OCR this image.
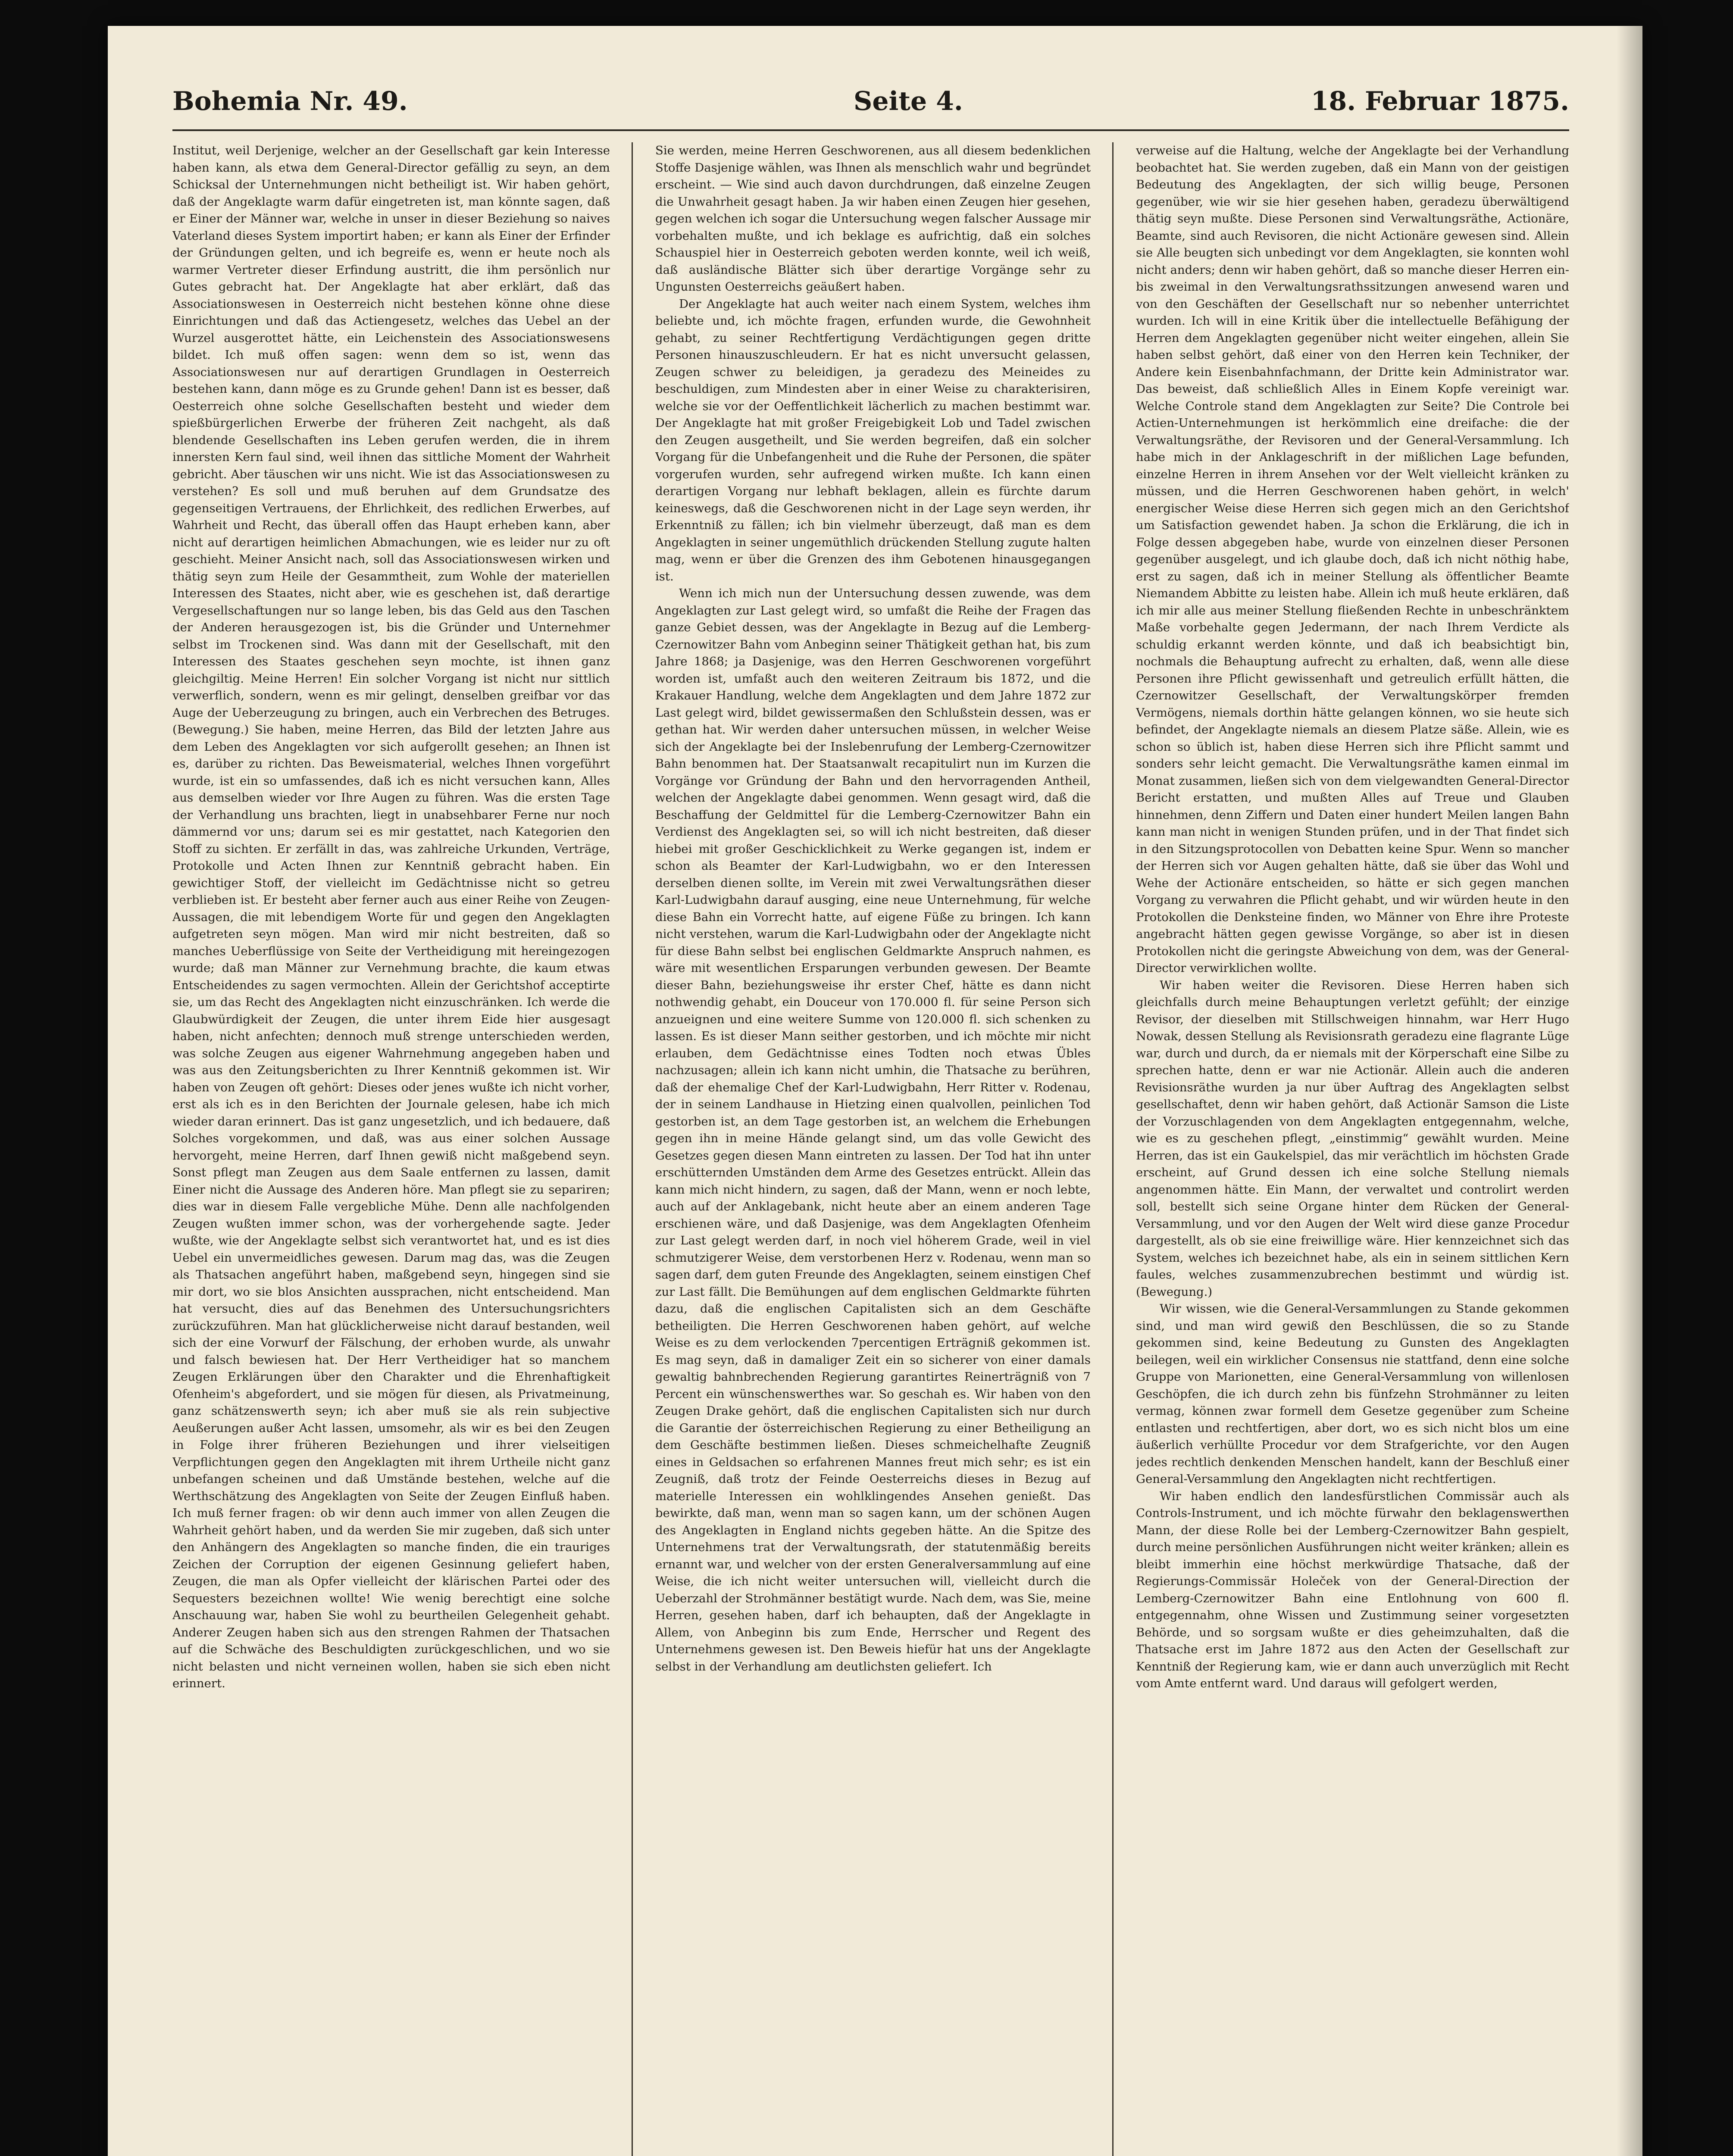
Bohemia Nr. 49.	Seite 4.	18. Februar 1875.

Institut, weil Derjenige, welcher an der Gesellschaft gar kein Interesse haben kann, als etwa dem General-Director gefällig zu seyn, an dem Schicksal der Unternehmungen nicht betheiligt ist. Wir haben gehört, daß der Angeklagte warm dafür eingetreten ist, man könnte sagen, daß er Einer der Männer war, welche in unser in dieser Beziehung so naives Vaterland dieses System importirt haben; er kann als Einer der Erfinder der Gründungen gelten, und ich begreife es, wenn er heute noch als warmer Vertreter dieser Erfindung austritt, die ihm persönlich nur Gutes gebracht hat. Der Angeklagte hat aber erklärt, daß das Associationswesen in Oesterreich nicht bestehen könne ohne diese Einrichtungen und daß das Actiengesetz, welches das Uebel an der Wurzel ausgerottet hätte, ein Leichenstein des Associationswesens bildet. Ich muß offen sagen: wenn dem so ist, wenn das Associationswesen nur auf derartigen Grundlagen in Oesterreich bestehen kann, dann möge es zu Grunde gehen! Dann ist es besser, daß Oesterreich ohne solche Gesellschaften besteht und wieder dem spießbürgerlichen Erwerbe der früheren Zeit nachgeht, als daß blendende Gesellschaften ins Leben gerufen werden, die in ihrem innersten Kern faul sind, weil ihnen das sittliche Moment der Wahrheit gebricht. Aber täuschen wir uns nicht. Wie ist das Associationswesen zu verstehen? Es soll und muß beruhen auf dem Grundsatze des gegenseitigen Vertrauens, der Ehrlichkeit, des redlichen Erwerbes, auf Wahrheit und Recht, das überall offen das Haupt erheben kann, aber nicht auf derartigen heimlichen Abmachungen, wie es leider nur zu oft geschieht. Meiner Ansicht nach, soll das Associationswesen wirken und thätig seyn zum Heile der Gesammtheit, zum Wohle der materiellen Interessen des Staates, nicht aber, wie es geschehen ist, daß derartige Vergesellschaftungen nur so lange leben, bis das Geld aus den Taschen der Anderen herausgezogen ist, bis die Gründer und Unternehmer selbst im Trockenen sind. Was dann mit der Gesellschaft, mit den Interessen des Staates geschehen seyn mochte, ist ihnen ganz gleichgiltig. Meine Herren! Ein solcher Vorgang ist nicht nur sittlich verwerflich, sondern, wenn es mir gelingt, denselben greifbar vor das Auge der Ueberzeugung zu bringen, auch ein Verbrechen des Betruges. (Bewegung.) Sie haben, meine Herren, das Bild der letzten Jahre aus dem Leben des Angeklagten vor sich aufgerollt gesehen; an Ihnen ist es, darüber zu richten. Das Beweismaterial, welches Ihnen vorgeführt wurde, ist ein so umfassendes, daß ich es nicht versuchen kann, Alles aus demselben wieder vor Ihre Augen zu führen. Was die ersten Tage der Verhandlung uns brachten, liegt in unabsehbarer Ferne nur noch dämmernd vor uns; darum sei es mir gestattet, nach Kategorien den Stoff zu sichten. Er zerfällt in das, was zahlreiche Urkunden, Verträge, Protokolle und Acten Ihnen zur Kenntniß gebracht haben. Ein gewichtiger Stoff, der vielleicht im Gedächtnisse nicht so getreu verblieben ist. Er besteht aber ferner auch aus einer Reihe von Zeugen-Aussagen, die mit lebendigem Worte für und gegen den Angeklagten aufgetreten seyn mögen. Man wird mir nicht bestreiten, daß so manches Ueberflüssige von Seite der Vertheidigung mit hereingezogen wurde; daß man Männer zur Vernehmung brachte, die kaum etwas Entscheidendes zu sagen vermochten. Allein der Gerichtshof acceptirte sie, um das Recht des Angeklagten nicht einzuschränken. Ich werde die Glaubwürdigkeit der Zeugen, die unter ihrem Eide hier ausgesagt haben, nicht anfechten; dennoch muß strenge unterschieden werden, was solche Zeugen aus eigener Wahrnehmung angegeben haben und was aus den Zeitungsberichten zu Ihrer Kenntniß gekommen ist. Wir haben von Zeugen oft gehört: Dieses oder jenes wußte ich nicht vorher, erst als ich es in den Berichten der Journale gelesen, habe ich mich wieder daran erinnert. Das ist ganz ungesetzlich, und ich bedauere, daß Solches vorgekommen, und daß, was aus einer solchen Aussage hervorgeht, meine Herren, darf Ihnen gewiß nicht maßgebend seyn. Sonst pflegt man Zeugen aus dem Saale entfernen zu lassen, damit Einer nicht die Aussage des Anderen höre. Man pflegt sie zu separiren; dies war in diesem Falle vergebliche Mühe. Denn alle nachfolgenden Zeugen wußten immer schon, was der vorhergehende sagte. Jeder wußte, wie der Angeklagte selbst sich verantwortet hat, und es ist dies Uebel ein unvermeidliches gewesen. Darum mag das, was die Zeugen als Thatsachen angeführt haben, maßgebend seyn, hingegen sind sie mir dort, wo sie blos Ansichten aussprachen, nicht entscheidend. Man hat versucht, dies auf das Benehmen des Untersuchungsrichters zurückzuführen. Man hat glücklicherweise nicht darauf bestanden, weil sich der eine Vorwurf der Fälschung, der erhoben wurde, als unwahr und falsch bewiesen hat. Der Herr Vertheidiger hat so manchem Zeugen Erklärungen über den Charakter und die Ehrenhaftigkeit Ofenheim's abgefordert, und sie mögen für diesen, als Privatmeinung, ganz schätzenswerth seyn; ich aber muß sie als rein subjective Aeußerungen außer Acht lassen, umsomehr, als wir es bei den Zeugen in Folge ihrer früheren Beziehungen und ihrer vielseitigen Verpflichtungen gegen den Angeklagten mit ihrem Urtheile nicht ganz unbefangen scheinen und daß Umstände bestehen, welche auf die Werthschätzung des Angeklagten von Seite der Zeugen Einfluß haben. Ich muß ferner fragen: ob wir denn auch immer von allen Zeugen die Wahrheit gehört haben, und da werden Sie mir zugeben, daß sich unter den Anhängern des Angeklagten so manche finden, die ein trauriges Zeichen der Corruption der eigenen Gesinnung geliefert haben, Zeugen, die man als Opfer vielleicht der klärischen Partei oder des Sequesters bezeichnen wollte! Wie wenig berechtigt eine solche Anschauung war, haben Sie wohl zu beurtheilen Gelegenheit gehabt. Anderer Zeugen haben sich aus den strengen Rahmen der Thatsachen auf die Schwäche des Beschuldigten zurückgeschlichen, und wo sie nicht belasten und nicht verneinen wollen, haben sie sich eben nicht erinnert.

Sie werden, meine Herren Geschworenen, aus all diesem bedenklichen Stoffe Dasjenige wählen, was Ihnen als menschlich wahr und begründet erscheint. — Wie sind auch davon durchdrungen, daß einzelne Zeugen die Unwahrheit gesagt haben. Ja wir haben einen Zeugen hier gesehen, gegen welchen ich sogar die Untersuchung wegen falscher Aussage mir vorbehalten mußte, und ich beklage es aufrichtig, daß ein solches Schauspiel hier in Oesterreich geboten werden konnte, weil ich weiß, daß ausländische Blätter sich über derartige Vorgänge sehr zu Ungunsten Oesterreichs geäußert haben.

Der Angeklagte hat auch weiter nach einem System, welches ihm beliebte und, ich möchte fragen, erfunden wurde, die Gewohnheit gehabt, zu seiner Rechtfertigung Verdächtigungen gegen dritte Personen hinauszuschleudern. Er hat es nicht unversucht gelassen, Zeugen schwer zu beleidigen, ja geradezu des Meineides zu beschuldigen, zum Mindesten aber in einer Weise zu charakterisiren, welche sie vor der Oeffentlichkeit lächerlich zu machen bestimmt war. Der Angeklagte hat mit großer Freigebigkeit Lob und Tadel zwischen den Zeugen ausgetheilt, und Sie werden begreifen, daß ein solcher Vorgang für die Unbefangenheit und die Ruhe der Personen, die später vorgerufen wurden, sehr aufregend wirken mußte. Ich kann einen derartigen Vorgang nur lebhaft beklagen, allein es fürchte darum keineswegs, daß die Geschworenen nicht in der Lage seyn werden, ihr Erkenntniß zu fällen; ich bin vielmehr überzeugt, daß man es dem Angeklagten in seiner ungemüthlich drückenden Stellung zugute halten mag, wenn er über die Grenzen des ihm Gebotenen hinausgegangen ist.

Wenn ich mich nun der Untersuchung dessen zuwende, was dem Angeklagten zur Last gelegt wird, so umfaßt die Reihe der Fragen das ganze Gebiet dessen, was der Angeklagte in Bezug auf die Lemberg-Czernowitzer Bahn vom Anbeginn seiner Thätigkeit gethan hat, bis zum Jahre 1868; ja Dasjenige, was den Herren Geschworenen vorgeführt worden ist, umfaßt auch den weiteren Zeitraum bis 1872, und die Krakauer Handlung, welche dem Angeklagten und dem Jahre 1872 zur Last gelegt wird, bildet gewissermaßen den Schlußstein dessen, was er gethan hat. Wir werden daher untersuchen müssen, in welcher Weise sich der Angeklagte bei der Inslebenrufung der Lemberg-Czernowitzer Bahn benommen hat. Der Staatsanwalt recapitulirt nun im Kurzen die Vorgänge vor Gründung der Bahn und den hervorragenden Antheil, welchen der Angeklagte dabei genommen. Wenn gesagt wird, daß die Beschaffung der Geldmittel für die Lemberg-Czernowitzer Bahn ein Verdienst des Angeklagten sei, so will ich nicht bestreiten, daß dieser hiebei mit großer Geschicklichkeit zu Werke gegangen ist, indem er schon als Beamter der Karl-Ludwigbahn, wo er den Interessen derselben dienen sollte, im Verein mit zwei Verwaltungsräthen dieser Karl-Ludwigbahn darauf ausging, eine neue Unternehmung, für welche diese Bahn ein Vorrecht hatte, auf eigene Füße zu bringen. Ich kann nicht verstehen, warum die Karl-Ludwigbahn oder der Angeklagte nicht für diese Bahn selbst bei englischen Geldmarkte Anspruch nahmen, es wäre mit wesentlichen Ersparungen verbunden gewesen. Der Beamte dieser Bahn, beziehungsweise ihr erster Chef, hätte es dann nicht nothwendig gehabt, ein Douceur von 170.000 fl. für seine Person sich anzueignen und eine weitere Summe von 120.000 fl. sich schenken zu lassen. Es ist dieser Mann seither gestorben, und ich möchte mir nicht erlauben, dem Gedächtnisse eines Todten noch etwas Übles nachzusagen; allein ich kann nicht umhin, die Thatsache zu berühren, daß der ehemalige Chef der Karl-Ludwigbahn, Herr Ritter v. Rodenau, der in seinem Landhause in Hietzing einen qualvollen, peinlichen Tod gestorben ist, an dem Tage gestorben ist, an welchem die Erhebungen gegen ihn in meine Hände gelangt sind, um das volle Gewicht des Gesetzes gegen diesen Mann eintreten zu lassen. Der Tod hat ihn unter erschütternden Umständen dem Arme des Gesetzes entrückt. Allein das kann mich nicht hindern, zu sagen, daß der Mann, wenn er noch lebte, auch auf der Anklagebank, nicht heute aber an einem anderen Tage erschienen wäre, und daß Dasjenige, was dem Angeklagten Ofenheim zur Last gelegt werden darf, in noch viel höherem Grade, weil in viel schmutzigerer Weise, dem verstorbenen Herz v. Rodenau, wenn man so sagen darf, dem guten Freunde des Angeklagten, seinem einstigen Chef zur Last fällt. Die Bemühungen auf dem englischen Geldmarkte führten dazu, daß die englischen Capitalisten sich an dem Geschäfte betheiligten. Die Herren Geschworenen haben gehört, auf welche Weise es zu dem verlockenden 7percentigen Erträgniß gekommen ist. Es mag seyn, daß in damaliger Zeit ein so sicherer von einer damals gewaltig bahnbrechenden Regierung garantirtes Reinerträgniß von 7 Percent ein wünschenswerthes war. So geschah es. Wir haben von den Zeugen Drake gehört, daß die englischen Capitalisten sich nur durch die Garantie der österreichischen Regierung zu einer Betheiligung an dem Geschäfte bestimmen ließen. Dieses schmeichelhafte Zeugniß eines in Geldsachen so erfahrenen Mannes freut mich sehr; es ist ein Zeugniß, daß trotz der Feinde Oesterreichs dieses in Bezug auf materielle Interessen ein wohlklingendes Ansehen genießt. Das bewirkte, daß man, wenn man so sagen kann, um der schönen Augen des Angeklagten in England nichts gegeben hätte. An die Spitze des Unternehmens trat der Verwaltungsrath, der statutenmäßig bereits ernannt war, und welcher von der ersten Generalversammlung auf eine Weise, die ich nicht weiter untersuchen will, vielleicht durch die Ueberzahl der Strohmänner bestätigt wurde. Nach dem, was Sie, meine Herren, gesehen haben, darf ich behaupten, daß der Angeklagte in Allem, von Anbeginn bis zum Ende, Herrscher und Regent des Unternehmens gewesen ist. Den Beweis hiefür hat uns der Angeklagte selbst in der Verhandlung am deutlichsten geliefert. Ich

verweise auf die Haltung, welche der Angeklagte bei der Verhandlung beobachtet hat. Sie werden zugeben, daß ein Mann von der geistigen Bedeutung des Angeklagten, der sich willig beuge, Personen gegenüber, wie wir sie hier gesehen haben, geradezu überwältigend thätig seyn mußte. Diese Personen sind Verwaltungsräthe, Actionäre, Beamte, sind auch Revisoren, die nicht Actionäre gewesen sind. Allein sie Alle beugten sich unbedingt vor dem Angeklagten, sie konnten wohl nicht anders; denn wir haben gehört, daß so manche dieser Herren ein- bis zweimal in den Verwaltungsrathssitzungen anwesend waren und von den Geschäften der Gesellschaft nur so nebenher unterrichtet wurden. Ich will in eine Kritik über die intellectuelle Befähigung der Herren dem Angeklagten gegenüber nicht weiter eingehen, allein Sie haben selbst gehört, daß einer von den Herren kein Techniker, der Andere kein Eisenbahnfachmann, der Dritte kein Administrator war. Das beweist, daß schließlich Alles in Einem Kopfe vereinigt war. Welche Controle stand dem Angeklagten zur Seite? Die Controle bei Actien-Unternehmungen ist herkömmlich eine dreifache: die der Verwaltungsräthe, der Revisoren und der General-Versammlung. Ich habe mich in der Anklageschrift in der mißlichen Lage befunden, einzelne Herren in ihrem Ansehen vor der Welt vielleicht kränken zu müssen, und die Herren Geschworenen haben gehört, in welch' energischer Weise diese Herren sich gegen mich an den Gerichtshof um Satisfaction gewendet haben. Ja schon die Erklärung, die ich in Folge dessen abgegeben habe, wurde von einzelnen dieser Personen gegenüber ausgelegt, und ich glaube doch, daß ich nicht nöthig habe, erst zu sagen, daß ich in meiner Stellung als öffentlicher Beamte Niemandem Abbitte zu leisten habe. Allein ich muß heute erklären, daß ich mir alle aus meiner Stellung fließenden Rechte in unbeschränktem Maße vorbehalte gegen Jedermann, der nach Ihrem Verdicte als schuldig erkannt werden könnte, und daß ich beabsichtigt bin, nochmals die Behauptung aufrecht zu erhalten, daß, wenn alle diese Personen ihre Pflicht gewissenhaft und getreulich erfüllt hätten, die Czernowitzer Gesellschaft, der Verwaltungskörper fremden Vermögens, niemals dorthin hätte gelangen können, wo sie heute sich befindet, der Angeklagte niemals an diesem Platze säße. Allein, wie es schon so üblich ist, haben diese Herren sich ihre Pflicht sammt und sonders sehr leicht gemacht. Die Verwaltungsräthe kamen einmal im Monat zusammen, ließen sich von dem vielgewandten General-Director Bericht erstatten, und mußten Alles auf Treue und Glauben hinnehmen, denn Ziffern und Daten einer hundert Meilen langen Bahn kann man nicht in wenigen Stunden prüfen, und in der That findet sich in den Sitzungsprotocollen von Debatten keine Spur. Wenn so mancher der Herren sich vor Augen gehalten hätte, daß sie über das Wohl und Wehe der Actionäre entscheiden, so hätte er sich gegen manchen Vorgang zu verwahren die Pflicht gehabt, und wir würden heute in den Protokollen die Denksteine finden, wo Männer von Ehre ihre Proteste angebracht hätten gegen gewisse Vorgänge, so aber ist in diesen Protokollen nicht die geringste Abweichung von dem, was der General-Director verwirklichen wollte.

Wir haben weiter die Revisoren. Diese Herren haben sich gleichfalls durch meine Behauptungen verletzt gefühlt; der einzige Revisor, der dieselben mit Stillschweigen hinnahm, war Herr Hugo Nowak, dessen Stellung als Revisionsrath geradezu eine flagrante Lüge war, durch und durch, da er niemals mit der Körperschaft eine Silbe zu sprechen hatte, denn er war nie Actionär. Allein auch die anderen Revisionsräthe wurden ja nur über Auftrag des Angeklagten selbst gesellschaftet, denn wir haben gehört, daß Actionär Samson die Liste der Vorzuschlagenden von dem Angeklagten entgegennahm, welche, wie es zu geschehen pflegt, „einstimmig“ gewählt wurden. Meine Herren, das ist ein Gaukelspiel, das mir verächtlich im höchsten Grade erscheint, auf Grund dessen ich eine solche Stellung niemals angenommen hätte. Ein Mann, der verwaltet und controlirt werden soll, bestellt sich seine Organe hinter dem Rücken der General-Versammlung, und vor den Augen der Welt wird diese ganze Procedur dargestellt, als ob sie eine freiwillige wäre. Hier kennzeichnet sich das System, welches ich bezeichnet habe, als ein in seinem sittlichen Kern faules, welches zusammenzubrechen bestimmt und würdig ist. (Bewegung.)

Wir wissen, wie die General-Versammlungen zu Stande gekommen sind, und man wird gewiß den Beschlüssen, die so zu Stande gekommen sind, keine Bedeutung zu Gunsten des Angeklagten beilegen, weil ein wirklicher Consensus nie stattfand, denn eine solche Gruppe von Marionetten, eine General-Versammlung von willenlosen Geschöpfen, die ich durch zehn bis fünfzehn Strohmänner zu leiten vermag, können zwar formell dem Gesetze gegenüber zum Scheine entlasten und rechtfertigen, aber dort, wo es sich nicht blos um eine äußerlich verhüllte Procedur vor dem Strafgerichte, vor den Augen jedes rechtlich denkenden Menschen handelt, kann der Beschluß einer General-Versammlung den Angeklagten nicht rechtfertigen.

Wir haben endlich den landesfürstlichen Commissär auch als Controls-Instrument, und ich möchte fürwahr den beklagenswerthen Mann, der diese Rolle bei der Lemberg-Czernowitzer Bahn gespielt, durch meine persönlichen Ausführungen nicht weiter kränken; allein es bleibt immerhin eine höchst merkwürdige Thatsache, daß der Regierungs-Commissär Holeček von der General-Direction der Lemberg-Czernowitzer Bahn eine Entlohnung von 600 fl. entgegennahm, ohne Wissen und Zustimmung seiner vorgesetzten Behörde, und so sorgsam wußte er dies geheimzuhalten, daß die Thatsache erst im Jahre 1872 aus den Acten der Gesellschaft zur Kenntniß der Regierung kam, wie er dann auch unverzüglich mit Recht vom Amte entfernt ward. Und daraus will gefolgert werden,
